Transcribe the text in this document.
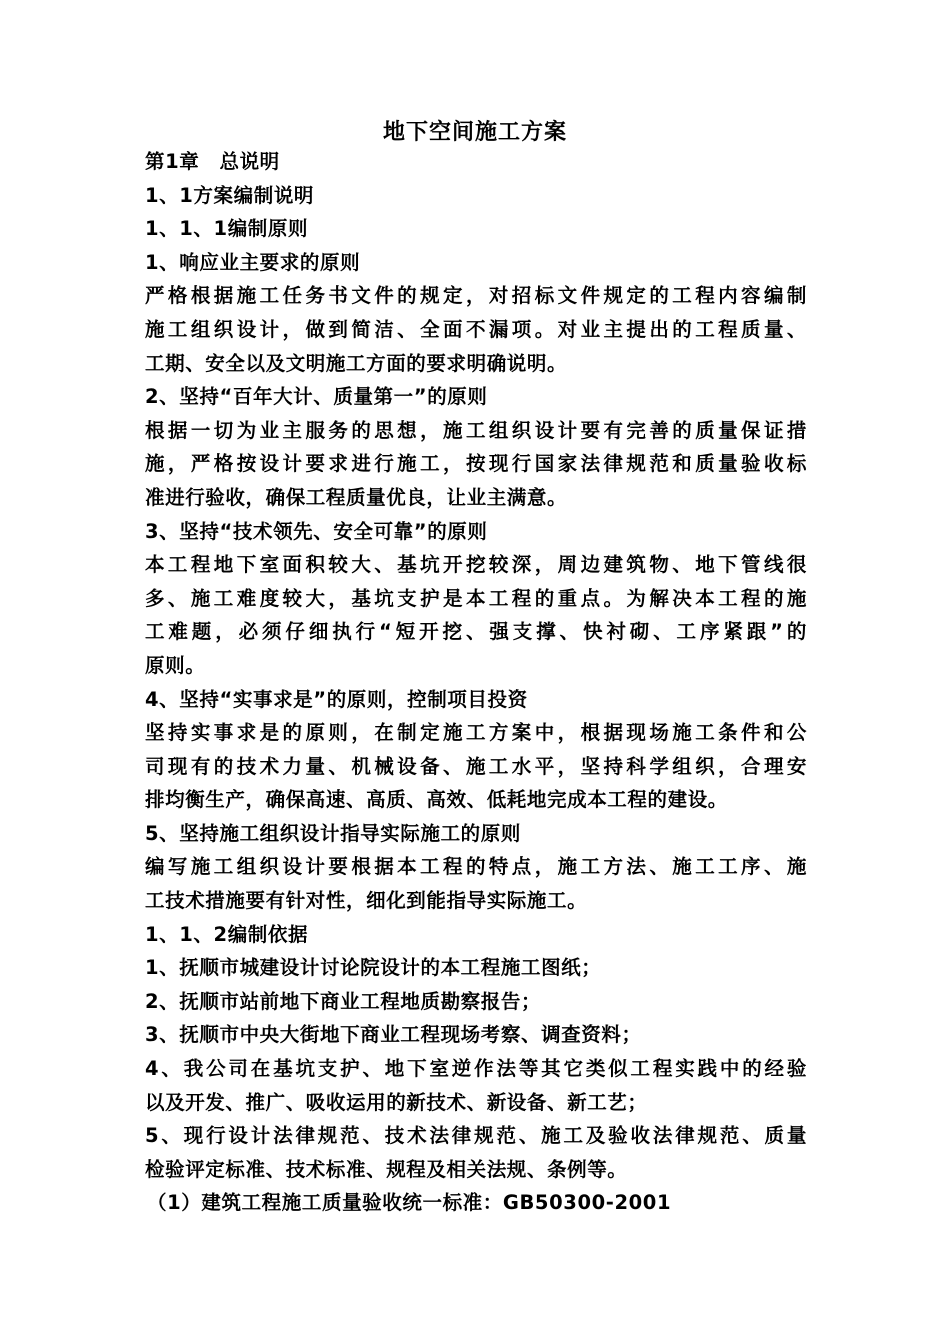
地下空间施工方案
第1章　总说明
1、1方案编制说明
1、1、1编制原则
1、响应业主要求的原则
严格根据施工任务书文件的规定，对招标文件规定的工程内容编制
施工组织设计，做到简洁、全面不漏项。对业主提出的工程质量、
工期、安全以及文明施工方面的要求明确说明。
2、坚持“百年大计、质量第一”的原则
根据一切为业主服务的思想，施工组织设计要有完善的质量保证措
施，严格按设计要求进行施工，按现行国家法律规范和质量验收标
准进行验收，确保工程质量优良，让业主满意。
3、坚持“技术领先、安全可靠”的原则
本工程地下室面积较大、基坑开挖较深，周边建筑物、地下管线很
多、施工难度较大，基坑支护是本工程的重点。为解决本工程的施
工难题，必须仔细执行“短开挖、强支撑、快衬砌、工序紧跟”的
原则。
4、坚持“实事求是”的原则，控制项目投资
坚持实事求是的原则，在制定施工方案中，根据现场施工条件和公
司现有的技术力量、机械设备、施工水平，坚持科学组织，合理安
排均衡生产，确保高速、高质、高效、低耗地完成本工程的建设。
5、坚持施工组织设计指导实际施工的原则
编写施工组织设计要根据本工程的特点，施工方法、施工工序、施
工技术措施要有针对性，细化到能指导实际施工。
1、1、2编制依据
1、抚顺市城建设计讨论院设计的本工程施工图纸；
2、抚顺市站前地下商业工程地质勘察报告；
3、抚顺市中央大街地下商业工程现场考察、调查资料；
4、我公司在基坑支护、地下室逆作法等其它类似工程实践中的经验
以及开发、推广、吸收运用的新技术、新设备、新工艺；
5、现行设计法律规范、技术法律规范、施工及验收法律规范、质量
检验评定标准、技术标准、规程及相关法规、条例等。
（1）建筑工程施工质量验收统一标准：GB50300-2001
